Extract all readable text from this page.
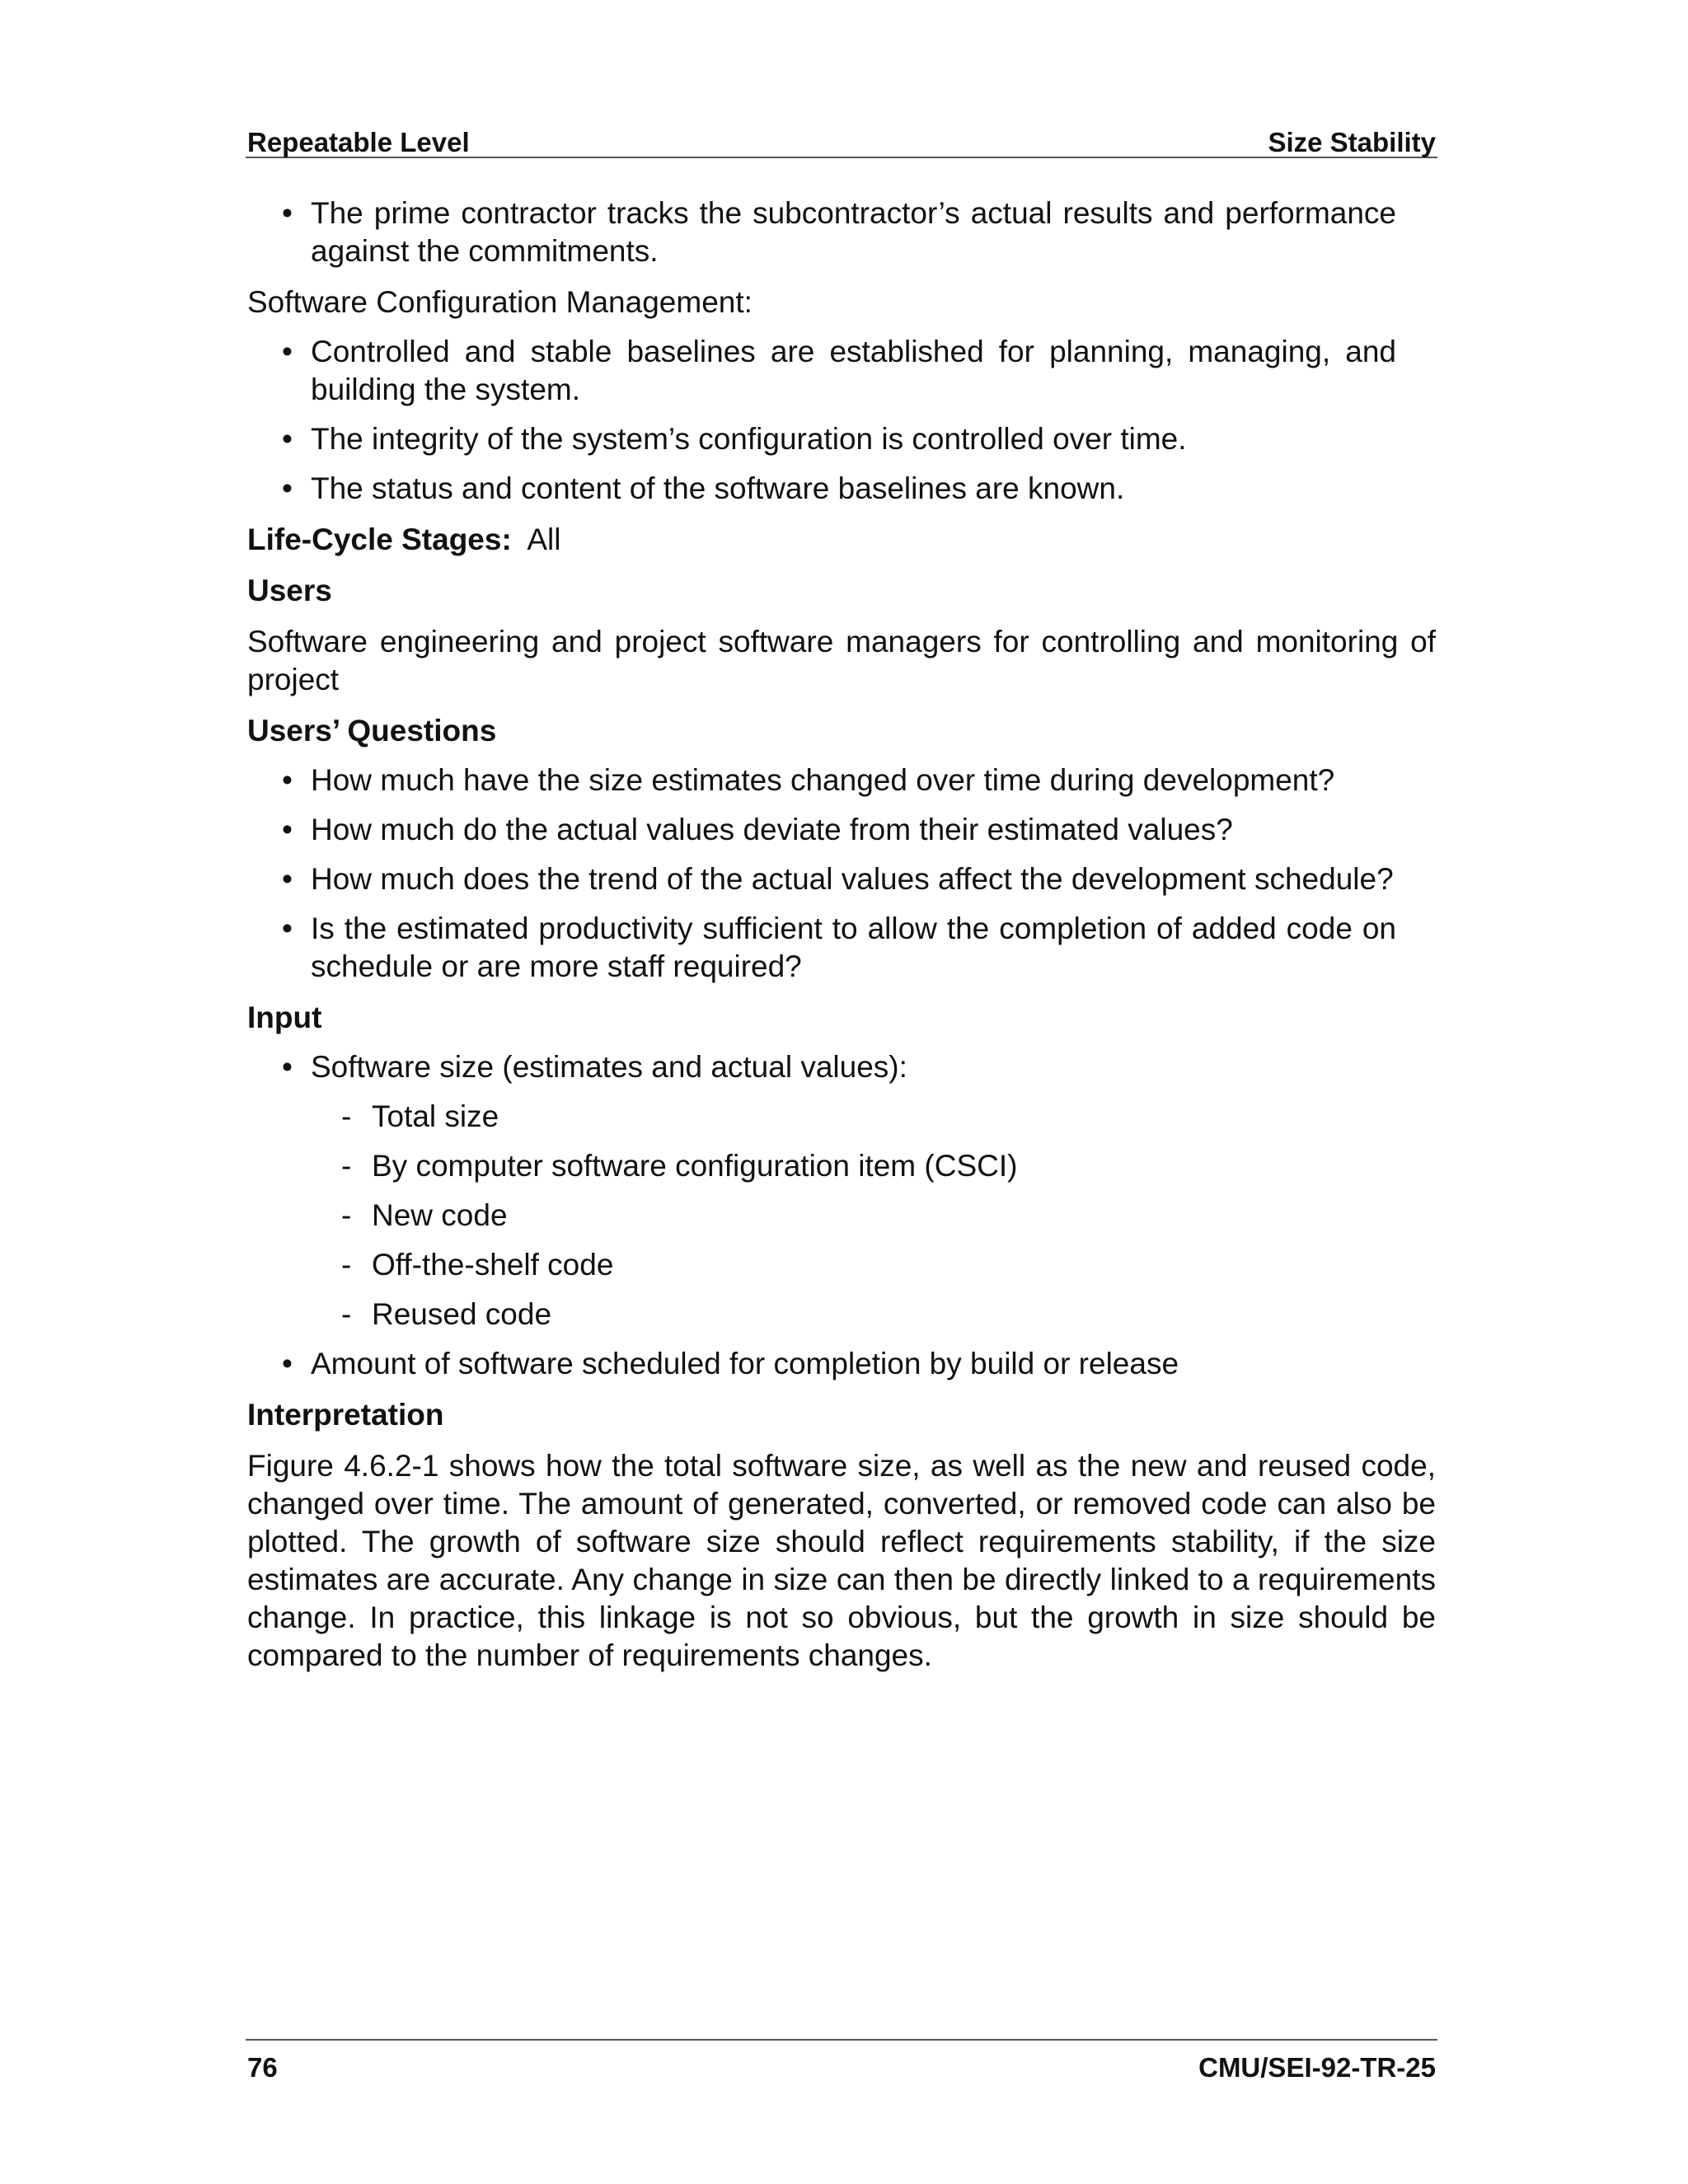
Repeatable Level	Size Stability
• The prime contractor tracks the subcontractor’s actual results and performance against the commitments.

Software Configuration Management:

• Controlled and stable baselines are established for planning, managing, and building the system.
• The integrity of the system’s configuration is controlled over time.
• The status and content of the software baselines are known.

Life-Cycle Stages: All

Users

Software engineering and project software managers for controlling and monitoring of project

Users’ Questions

• How much have the size estimates changed over time during development?
• How much do the actual values deviate from their estimated values?
• How much does the trend of the actual values affect the development schedule?
• Is the estimated productivity sufficient to allow the completion of added code on schedule or are more staff required?

Input

• Software size (estimates and actual values):
- Total size
- By computer software configuration item (CSCI)
- New code
- Off-the-shelf code
- Reused code
• Amount of software scheduled for completion by build or release

Interpretation

Figure 4.6.2-1 shows how the total software size, as well as the new and reused code, changed over time. The amount of generated, converted, or removed code can also be plotted. The growth of software size should reflect requirements stability, if the size estimates are accurate. Any change in size can then be directly linked to a requirements change. In practice, this linkage is not so obvious, but the growth in size should be compared to the number of requirements changes.

76	CMU/SEI-92-TR-25
